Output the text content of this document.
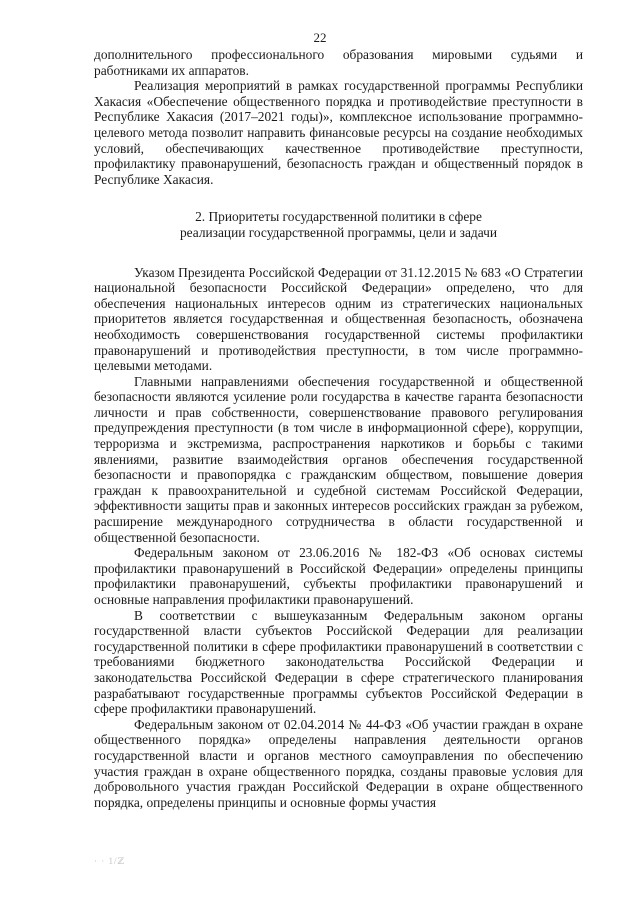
22

дополнительного профессионального образования мировыми судьями и работниками их аппаратов.

Реализация мероприятий в рамках государственной программы Республики Хакасия «Обеспечение общественного порядка и противодействие преступности в Республике Хакасия (2017–2021 годы)», комплексное использование программно-целевого метода позволит направить финансовые ресурсы на создание необходимых условий, обеспечивающих качественное противодействие преступности, профилактику правонарушений, безопасность граждан и общественный порядок в Республике Хакасия.

2. Приоритеты государственной политики в сфере
реализации государственной программы, цели и задачи

Указом Президента Российской Федерации от 31.12.2015 № 683 «О Стратегии национальной безопасности Российской Федерации» определено, что для обеспечения национальных интересов одним из стратегических национальных приоритетов является государственная и общественная безопасность, обозначена необходимость совершенствования государственной системы профилактики правонарушений и противодействия преступности, в том числе программно-целевыми методами.

Главными направлениями обеспечения государственной и общественной безопасности являются усиление роли государства в качестве гаранта безопасности личности и прав собственности, совершенствование правового регулирования предупреждения преступности (в том числе в информационной сфере), коррупции, терроризма и экстремизма, распространения наркотиков и борьбы с такими явлениями, развитие взаимодействия органов обеспечения государственной безопасности и правопорядка с гражданским обществом, повышение доверия граждан к правоохранительной и судебной системам Российской Федерации, эффективности защиты прав и законных интересов российских граждан за рубежом, расширение международного сотрудничества в области государственной и общественной безопасности.

Федеральным законом от 23.06.2016 № 182-ФЗ «Об основах системы профилактики правонарушений в Российской Федерации» определены принципы профилактики правонарушений, субъекты профилактики правонарушений и основные направления профилактики правонарушений.

В соответствии с вышеуказанным Федеральным законом органы государственной власти субъектов Российской Федерации для реализации государственной политики в сфере профилактики правонарушений в соответствии с требованиями бюджетного законодательства Российской Федерации и законодательства Российской Федерации в сфере стратегического планирования разрабатывают государственные программы субъектов Российской Федерации в сфере профилактики правонарушений.

Федеральным законом от 02.04.2014 № 44-ФЗ «Об участии граждан в охране общественного порядка» определены направления деятельности органов государственной власти и органов местного самоуправления по обеспечению участия граждан в охране общественного порядка, созданы правовые условия для добровольного участия граждан Российской Федерации в охране общественного порядка, определены принципы и основные формы участия

· · 1/ℤ
